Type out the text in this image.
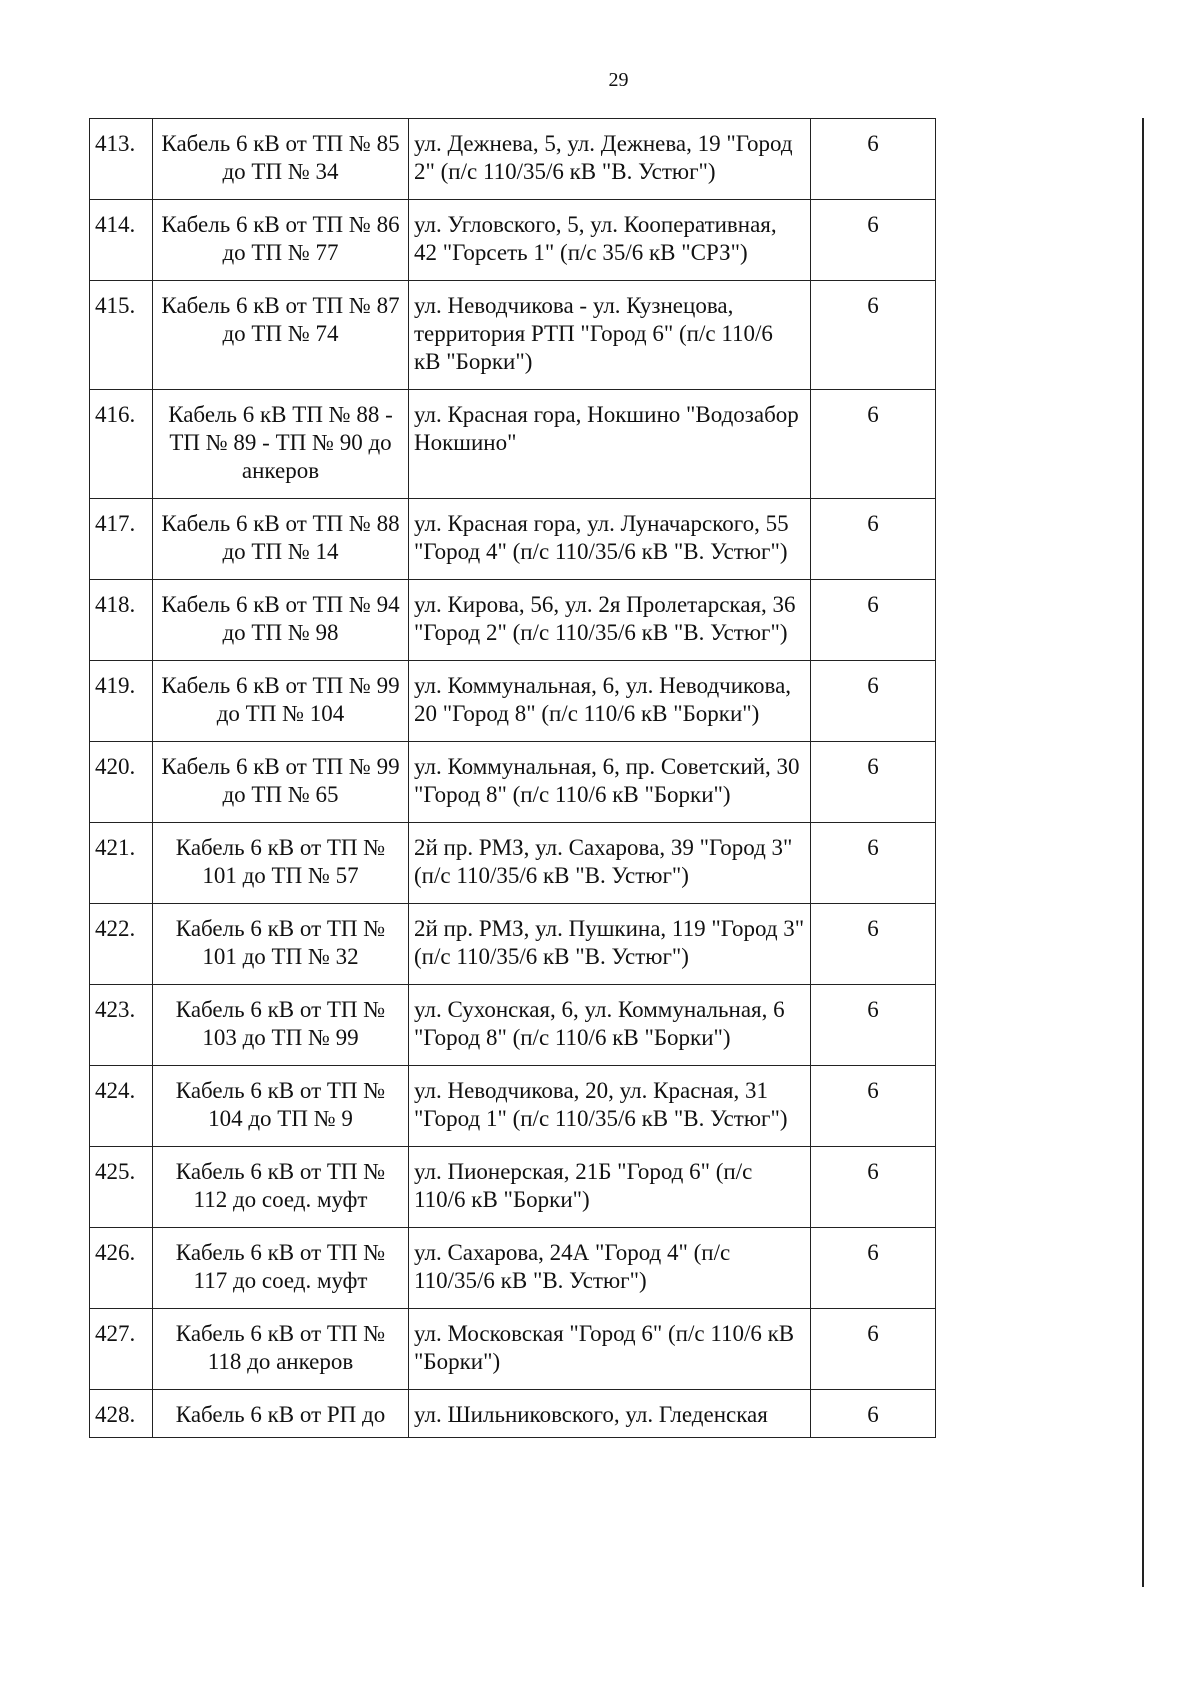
29
413.	Кабель 6 кВ от ТП № 85 до ТП № 34	ул. Дежнева, 5, ул. Дежнева, 19 "Город 2" (п/с 110/35/6 кВ "В. Устюг")	6
414.	Кабель 6 кВ от ТП № 86 до ТП № 77	ул. Угловского, 5, ул. Кооперативная, 42 "Горсеть 1" (п/с 35/6 кВ "СРЗ")	6
415.	Кабель 6 кВ от ТП № 87 до ТП № 74	ул. Неводчикова - ул. Кузнецова, территория РТП "Город 6" (п/с 110/6 кВ "Борки")	6
416.	Кабель 6 кВ ТП № 88 - ТП № 89 - ТП № 90 до анкеров	ул. Красная гора, Нокшино "Водозабор Нокшино"	6
417.	Кабель 6 кВ от ТП № 88 до ТП № 14	ул. Красная гора, ул. Луначарского, 55 "Город 4" (п/с 110/35/6 кВ "В. Устюг")	6
418.	Кабель 6 кВ от ТП № 94 до ТП № 98	ул. Кирова, 56, ул. 2я Пролетарская, 36 "Город 2" (п/с 110/35/6 кВ "В. Устюг")	6
419.	Кабель 6 кВ от ТП № 99 до ТП № 104	ул. Коммунальная, 6, ул. Неводчикова, 20 "Город 8" (п/с 110/6 кВ "Борки")	6
420.	Кабель 6 кВ от ТП № 99 до ТП № 65	ул. Коммунальная, 6, пр. Советский, 30 "Город 8" (п/с 110/6 кВ "Борки")	6
421.	Кабель 6 кВ от ТП № 101 до ТП № 57	2й пр. РМЗ, ул. Сахарова, 39 "Город 3" (п/с 110/35/6 кВ "В. Устюг")	6
422.	Кабель 6 кВ от ТП № 101 до ТП № 32	2й пр. РМЗ, ул. Пушкина, 119 "Город 3" (п/с 110/35/6 кВ "В. Устюг")	6
423.	Кабель 6 кВ от ТП № 103 до ТП № 99	ул. Сухонская, 6, ул. Коммунальная, 6 "Город 8" (п/с 110/6 кВ "Борки")	6
424.	Кабель 6 кВ от ТП № 104 до ТП № 9	ул. Неводчикова, 20, ул. Красная, 31 "Город 1" (п/с 110/35/6 кВ "В. Устюг")	6
425.	Кабель 6 кВ от ТП № 112 до соед. муфт	ул. Пионерская, 21Б "Город 6" (п/с 110/6 кВ "Борки")	6
426.	Кабель 6 кВ от ТП № 117 до соед. муфт	ул. Сахарова, 24А "Город 4" (п/с 110/35/6 кВ "В. Устюг")	6
427.	Кабель 6 кВ от ТП № 118 до анкеров	ул. Московская "Город 6" (п/с 110/6 кВ "Борки")	6
428.	Кабель 6 кВ от РП до	ул. Шильниковского, ул. Гледенская	6
